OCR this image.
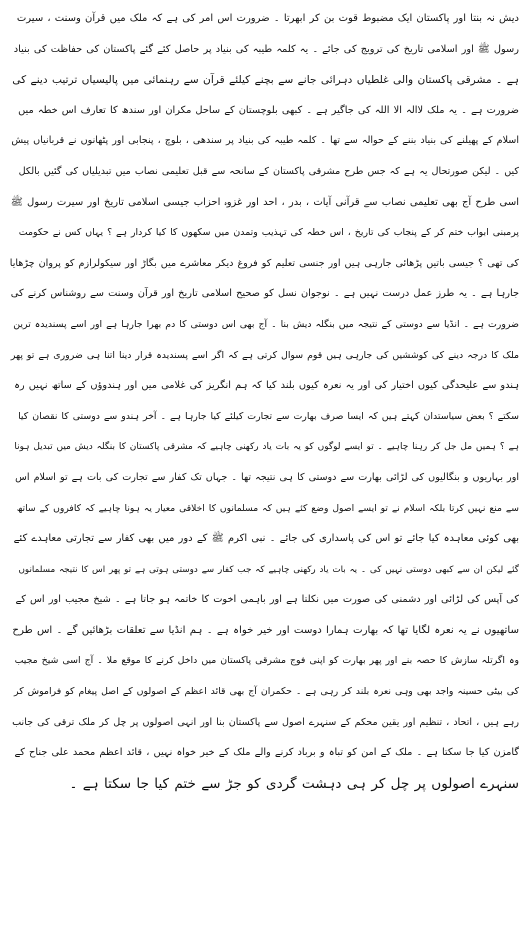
دیش نہ بنتا اور پاکستان ایک مضبوط قوت بن کر ابھرتا ۔ ضرورت اس امر کی ہے کہ ملک میں قرآن وسنت ، سیرت
رسول ﷺ اور اسلامی تاریخ کی ترویج کی جائے ۔ یہ کلمہ طیبہ کی بنیاد پر حاصل کئے گئے پاکستان کی حفاظت کی بنیاد
ہے ۔ مشرقی پاکستان والی غلطیاں دہرائی جانے سے بچنے کیلئے قرآن سے رہنمائی میں پالیسیاں ترتیب دینے کی
ضرورت ہے ۔ یہ ملک لاالہ الا اللہ کی جاگیر ہے ۔ کبھی بلوچستان کے ساحل مکران اور سندھ کا تعارف اس خطہ میں
اسلام کے پھیلنے کی بنیاد بننے کے حوالہ سے تھا ۔ کلمہ طیبہ کی بنیاد پر سندھی ، بلوچ ، پنجابی اور پٹھانوں نے قربانیاں پیش
کیں ۔ لیکن صورتحال یہ ہے کہ جس طرح مشرقی پاکستان کے سانحہ سے قبل تعلیمی نصاب میں تبدیلیاں کی گئیں بالکل
اسی طرح آج بھی تعلیمی نصاب سے قرآنی آیات ، بدر ، احد اور غزوہ احزاب جیسی اسلامی تاریخ اور سیرت رسول ﷺ
پرمبنی ابواب ختم کر کے پنجاب کی تاریخ ، اس خطہ کی تہذیب وتمدن میں سکھوں کا کیا کردار ہے ؟ یہاں کس نے حکومت
کی تھی ؟ جیسی باتیں پڑھائی جارہی ہیں اور جنسی تعلیم کو فروغ دیکر معاشرے میں بگاڑ اور سیکولرازم کو پروان چڑھایا
جارہا ہے ۔ یہ طرز عمل درست نہیں ہے ۔ نوجوان نسل کو صحیح اسلامی تاریخ اور قرآن وسنت سے روشناس کرنے کی
ضرورت ہے ۔ انڈیا سے دوستی کے نتیجہ میں بنگلہ دیش بنا ۔ آج بھی اس دوستی کا دم بھرا جارہا ہے اور اسے پسندیدہ ترین
ملک کا درجہ دینے کی کوششیں کی جارہی ہیں قوم سوال کرتی ہے کہ اگر اسے پسندیدہ قرار دینا اتنا ہی ضروری ہے تو پھر
ہندو سے علیحدگی کیوں اختیار کی اور یہ نعرہ کیوں بلند کیا کہ ہم انگریز کی غلامی میں اور ہندوؤں کے ساتھ نہیں رہ
سکتے ؟ بعض سیاستدان کہتے ہیں کہ ایسا صرف بھارت سے تجارت کیلئے کیا جارہا ہے ۔ آخر ہندو سے دوستی کا نقصان کیا
ہے ؟ ہمیں مل جل کر رہنا چاہیے ۔ تو ایسے لوگوں کو یہ بات یاد رکھنی چاہیے کہ مشرقی پاکستان کا بنگلہ دیش میں تبدیل ہونا
اور بہاریوں و بنگالیوں کی لڑائی بھارت سے دوستی کا ہی نتیجہ تھا ۔ جہاں تک کفار سے تجارت کی بات ہے تو اسلام اس
سے منع نہیں کرتا بلکہ اسلام نے تو ایسے اصول وضع کئے ہیں کہ مسلمانوں کا اخلاقی معیار یہ ہونا چاہیے کہ کافروں کے ساتھ
بھی کوئی معاہدہ کیا جائے تو اس کی پاسداری کی جائے ۔ نبی اکرم ﷺ کے دور میں بھی کفار سے تجارتی معاہدے کئے
گئے لیکن ان سے کبھی دوستی نہیں کی ۔ یہ بات یاد رکھنی چاہیے کہ جب کفار سے دوستی ہوتی ہے تو پھر اس کا نتیجہ مسلمانوں
کی آپس کی لڑائی اور دشمنی کی صورت میں نکلتا ہے اور باہمی اخوت کا خاتمہ ہو جاتا ہے ۔ شیخ مجیب اور اس کے
ساتھیوں نے یہ نعرہ لگایا تھا کہ بھارت ہمارا دوست اور خیر خواہ ہے ۔ ہم انڈیا سے تعلقات بڑھائیں گے ۔ اس طرح
وہ اگرتلہ سازش کا حصہ بنے اور پھر بھارت کو اپنی فوج مشرقی پاکستان میں داخل کرنے کا موقع ملا ۔ آج اسی شیخ مجیب
کی بیٹی حسینہ واجد بھی وہی نعرہ بلند کر رہی ہے ۔ حکمران آج بھی قائد اعظم کے اصولوں کے اصل پیغام کو فراموش کر
رہے ہیں ، اتحاد ، تنظیم اور یقین محکم کے سنہرے اصول سے پاکستان بنا اور انہی اصولوں پر چل کر ملک ترقی کی جانب
گامزن کیا جا سکتا ہے ۔ ملک کے امن کو تباہ و برباد کرنے والے ملک کے خیر خواہ نہیں ، قائد اعظم محمد علی جناح کے
سنہرے اصولوں پر چل کر ہی دہشت گردی کو جڑ سے ختم کیا جا سکتا ہے ۔
